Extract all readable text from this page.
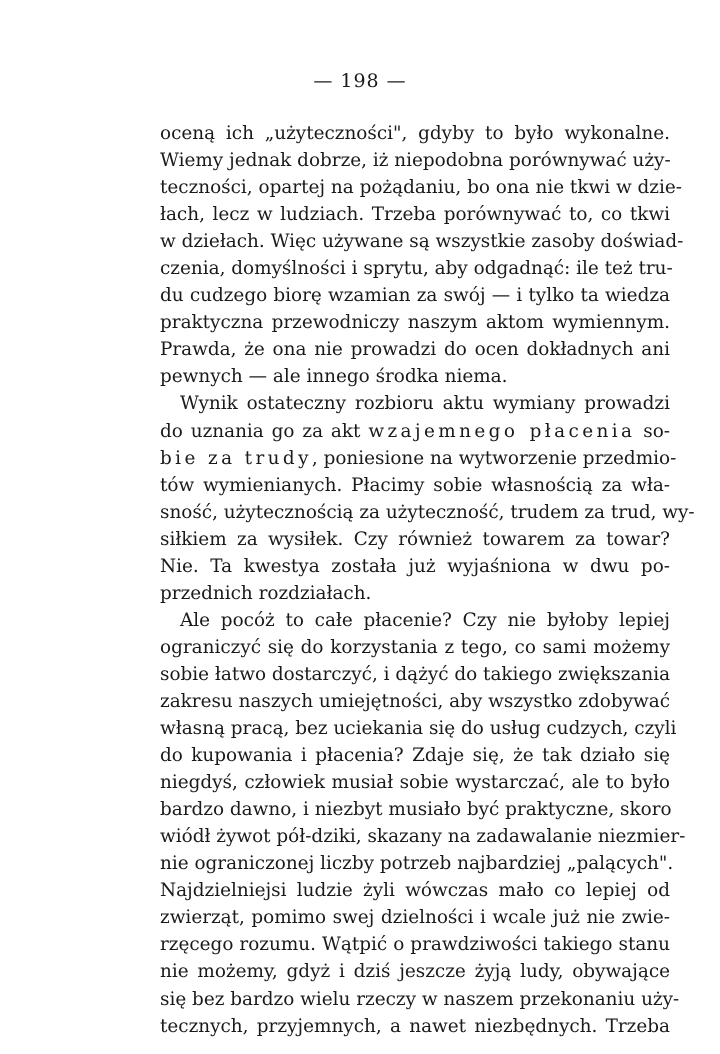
— 198 —
oceną ich „użyteczności", gdyby to było wykonalne.
Wiemy jednak dobrze, iż niepodobna porównywać uży-
teczności, opartej na pożądaniu, bo ona nie tkwi w dzie-
łach, lecz w ludziach. Trzeba porównywać to, co tkwi
w dziełach. Więc używane są wszystkie zasoby doświad-
czenia, domyślności i sprytu, aby odgadnąć: ile też tru-
du cudzego biorę wzamian za swój — i tylko ta wiedza
praktyczna przewodniczy naszym aktom wymiennym.
Prawda, że ona nie prowadzi do ocen dokładnych ani
pewnych — ale innego środka niema.
Wynik ostateczny rozbioru aktu wymiany prowadzi
do uznania go za akt wzajemnego płacenia so-
bie za trudy, poniesione na wytworzenie przedmio-
tów wymienianych. Płacimy sobie własnością za wła-
sność, użytecznością za użyteczność, trudem za trud, wy-
siłkiem za wysiłek. Czy również towarem za towar?
Nie. Ta kwestya została już wyjaśniona w dwu po-
przednich rozdziałach.
Ale pocóż to całe płacenie? Czy nie byłoby lepiej
ograniczyć się do korzystania z tego, co sami możemy
sobie łatwo dostarczyć, i dążyć do takiego zwiększania
zakresu naszych umiejętności, aby wszystko zdobywać
własną pracą, bez uciekania się do usług cudzych, czyli
do kupowania i płacenia? Zdaje się, że tak działo się
niegdyś, człowiek musiał sobie wystarczać, ale to było
bardzo dawno, i niezbyt musiało być praktyczne, skoro
wiódł żywot pół-dziki, skazany na zadawalanie niezmier-
nie ograniczonej liczby potrzeb najbardziej „palących".
Najdzielniejsi ludzie żyli wówczas mało co lepiej od
zwierząt, pomimo swej dzielności i wcale już nie zwie-
rzęcego rozumu. Wątpić o prawdziwości takiego stanu
nie możemy, gdyż i dziś jeszcze żyją ludy, obywające
się bez bardzo wielu rzeczy w naszem przekonaniu uży-
tecznych, przyjemnych, a nawet niezbędnych. Trzeba
